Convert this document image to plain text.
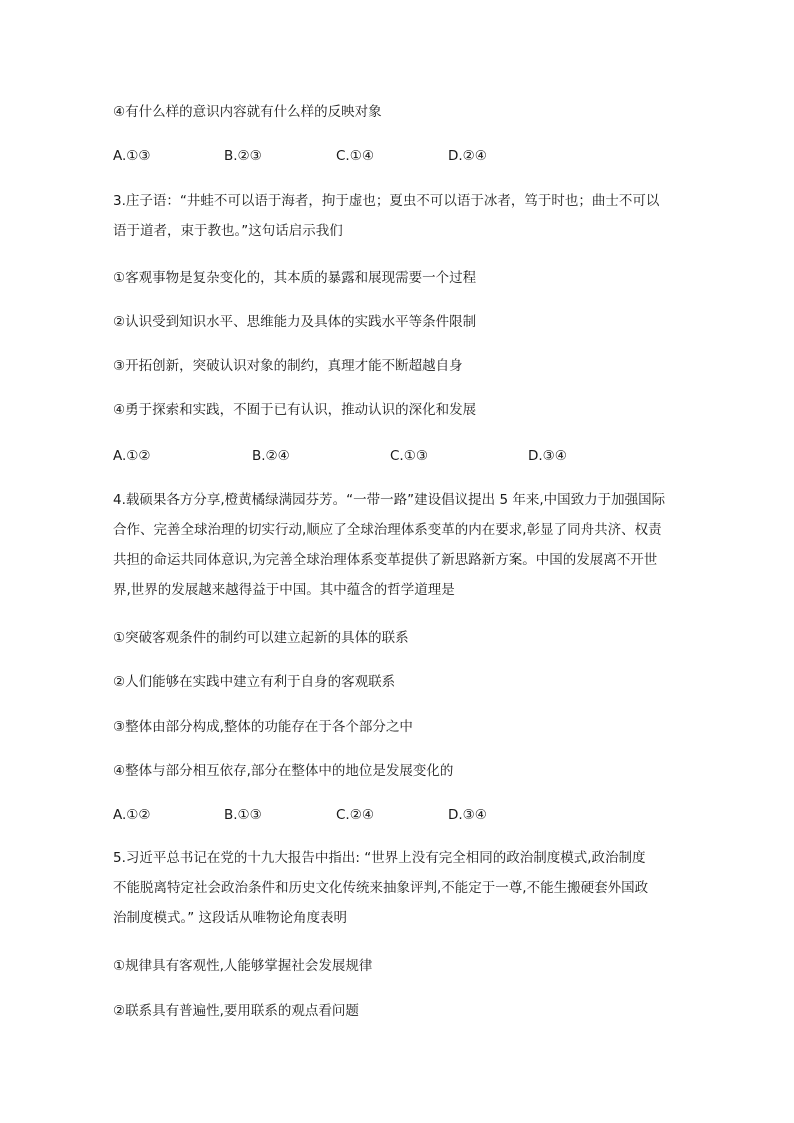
④有什么样的意识内容就有什么样的反映对象
A.①③	B.②③	C.①④	D.②④
3.庄子语：“井蛙不可以语于海者，拘于虚也；夏虫不可以语于冰者，笃于时也；曲士不可以
语于道者，束于教也。”这句话启示我们
①客观事物是复杂变化的，其本质的暴露和展现需要一个过程
②认识受到知识水平、思维能力及具体的实践水平等条件限制
③开拓创新，突破认识对象的制约，真理才能不断超越自身
④勇于探索和实践，不囿于已有认识，推动认识的深化和发展
A.①②	B.②④	C.①③	D.③④
4.载硕果各方分享,橙黄橘绿满园芬芳。“一带一路”建设倡议提出 5 年来,中国致力于加强国际
合作、完善全球治理的切实行动,顺应了全球治理体系变革的内在要求,彰显了同舟共济、权责
共担的命运共同体意识,为完善全球治理体系变革提供了新思路新方案。中国的发展离不开世
界,世界的发展越来越得益于中国。其中蕴含的哲学道理是
①突破客观条件的制约可以建立起新的具体的联系
②人们能够在实践中建立有利于自身的客观联系
③整体由部分构成,整体的功能存在于各个部分之中
④整体与部分相互依存,部分在整体中的地位是发展变化的
A.①②	B.①③	C.②④	D.③④
5.习近平总书记在党的十九大报告中指出: “世界上没有完全相同的政治制度模式,政治制度
不能脱离特定社会政治条件和历史文化传统来抽象评判,不能定于一尊,不能生搬硬套外国政
治制度模式。” 这段话从唯物论角度表明
①规律具有客观性,人能够掌握社会发展规律
②联系具有普遍性,要用联系的观点看问题
